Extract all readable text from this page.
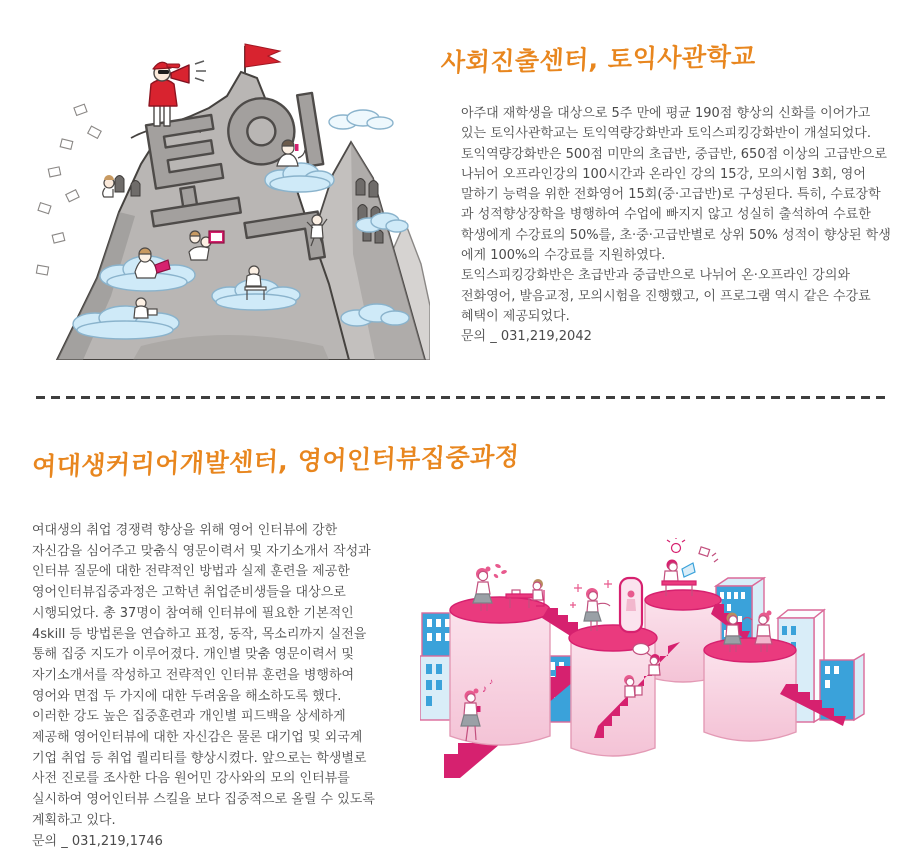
사회진출센터, 토익사관학교
아주대 재학생을 대상으로 5주 만에 평균 190점 향상의 신화를 이어가고
있는 토익사관학교는 토익역량강화반과 토익스피킹강화반이 개설되었다.
토익역량강화반은 500점 미만의 초급반, 중급반, 650점 이상의 고급반으로
나뉘어 오프라인강의 100시간과 온라인 강의 15강, 모의시험 3회, 영어
말하기 능력을 위한 전화영어 15회(중·고급반)로 구성된다. 특히, 수료장학
과 성적향상장학을 병행하여 수업에 빠지지 않고 성실히 출석하여 수료한
학생에게 수강료의 50%를, 초·중·고급반별로 상위 50% 성적이 향상된 학생
에게 100%의 수강료를 지원하였다.
토익스피킹강화반은 초급반과 중급반으로 나뉘어 온·오프라인 강의와
전화영어, 발음교정, 모의시험을 진행했고, 이 프로그램 역시 같은 수강료
혜택이 제공되었다.
문의 _ 031,219,2042
여대생커리어개발센터, 영어인터뷰집중과정
여대생의 취업 경쟁력 향상을 위해 영어 인터뷰에 강한
자신감을 심어주고 맞춤식 영문이력서 및 자기소개서 작성과
인터뷰 질문에 대한 전략적인 방법과 실제 훈련을 제공한
영어인터뷰집중과정은 고학년 취업준비생들을 대상으로
시행되었다. 총 37명이 참여해 인터뷰에 필요한 기본적인
4skill 등 방법론을 연습하고 표정, 동작, 목소리까지 실전을
통해 집중 지도가 이루어졌다. 개인별 맞춤 영문이력서 및
자기소개서를 작성하고 전략적인 인터뷰 훈련을 병행하여
영어와 면접 두 가지에 대한 두려움을 해소하도록 했다.
이러한 강도 높은 집중훈련과 개인별 피드백을 상세하게
제공해 영어인터뷰에 대한 자신감은 물론 대기업 및 외국계
기업 취업 등 취업 퀄리티를 향상시켰다. 앞으로는 학생별로
사전 진로를 조사한 다음 원어민 강사와의 모의 인터뷰를
실시하여 영어인터뷰 스킬을 보다 집중적으로 올릴 수 있도록
계획하고 있다.
문의 _ 031,219,1746
♪
♪
